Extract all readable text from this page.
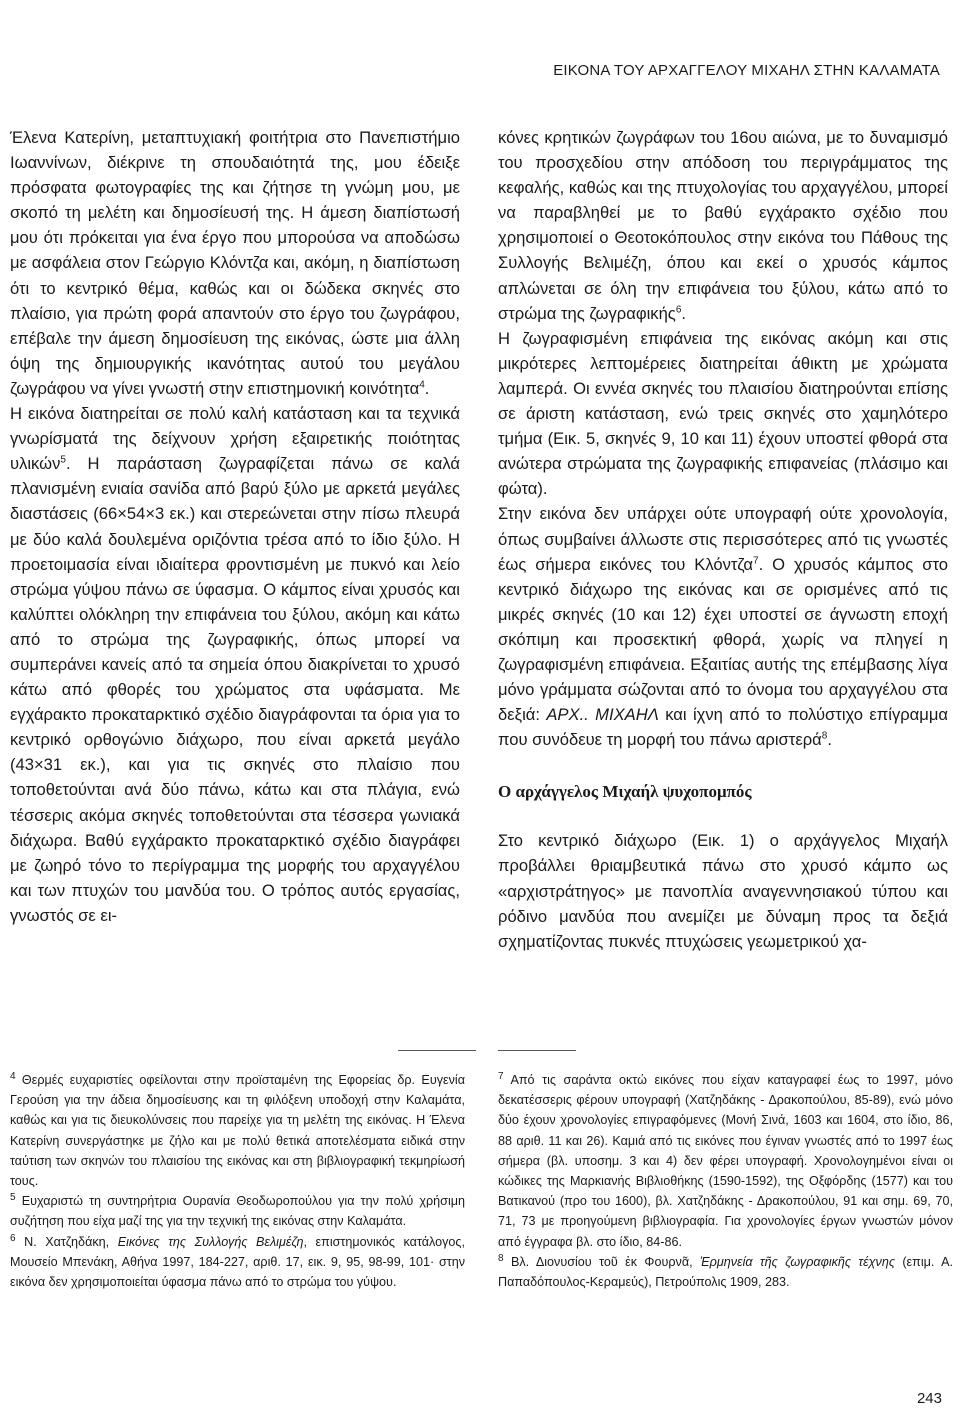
ΕΙΚΟΝΑ ΤΟΥ ΑΡΧΑΓΓΕΛΟΥ ΜΙΧΑΗΛ ΣΤΗΝ ΚΑΛΑΜΑΤΑ

Έλενα Κατερίνη, μεταπτυχιακή φοιτήτρια στο Πανεπιστήμιο Ιωαννίνων, διέκρινε τη σπουδαιότητά της, μου έδειξε πρόσφατα φωτογραφίες της και ζήτησε τη γνώμη μου, με σκοπό τη μελέτη και δημοσίευσή της. Η άμεση διαπίστωσή μου ότι πρόκειται για ένα έργο που μπορούσα να αποδώσω με ασφάλεια στον Γεώργιο Κλόντζα και, ακόμη, η διαπίστωση ότι το κεντρικό θέμα, καθώς και οι δώδεκα σκηνές στο πλαίσιο, για πρώτη φορά απαντούν στο έργο του ζωγράφου, επέβαλε την άμεση δημοσίευση της εικόνας, ώστε μια άλλη όψη της δημιουργικής ικανότητας αυτού του μεγάλου ζωγράφου να γίνει γνωστή στην επιστημονική κοινότητα$^4$.

Η εικόνα διατηρείται σε πολύ καλή κατάσταση και τα τεχνικά γνωρίσματά της δείχνουν χρήση εξαιρετικής ποιότητας υλικών$^5$. Η παράσταση ζωγραφίζεται πάνω σε καλά πλανισμένη ενιαία σανίδα από βαρύ ξύλο με αρκετά μεγάλες διαστάσεις (66×54×3 εκ.) και στερεώνεται στην πίσω πλευρά με δύο καλά δουλεμένα οριζόντια τρέσα από το ίδιο ξύλο. Η προετοιμασία είναι ιδιαίτερα φροντισμένη με πυκνό και λείο στρώμα γύψου πάνω σε ύφασμα. Ο κάμπος είναι χρυσός και καλύπτει ολόκληρη την επιφάνεια του ξύλου, ακόμη και κάτω από το στρώμα της ζωγραφικής, όπως μπορεί να συμπεράνει κανείς από τα σημεία όπου διακρίνεται το χρυσό κάτω από φθορές του χρώματος στα υφάσματα. Με εγχάρακτο προκαταρκτικό σχέδιο διαγράφονται τα όρια για το κεντρικό ορθογώνιο διάχωρο, που είναι αρκετά μεγάλο (43×31 εκ.), και για τις σκηνές στο πλαίσιο που τοποθετούνται ανά δύο πάνω, κάτω και στα πλάγια, ενώ τέσσερις ακόμα σκηνές τοποθετούνται στα τέσσερα γωνιακά διάχωρα. Βαθύ εγχάρακτο προκαταρκτικό σχέδιο διαγράφει με ζωηρό τόνο το περίγραμμα της μορφής του αρχαγγέλου και των πτυχών του μανδύα του. Ο τρόπος αυτός εργασίας, γνωστός σε ει-

κόνες κρητικών ζωγράφων του 16ου αιώνα, με το δυναμισμό του προσχεδίου στην απόδοση του περιγράμματος της κεφαλής, καθώς και της πτυχολογίας του αρχαγγέλου, μπορεί να παραβληθεί με το βαθύ εγχάρακτο σχέδιο που χρησιμοποιεί ο Θεοτοκόπουλος στην εικόνα του Πάθους της Συλλογής Βελιμέζη, όπου και εκεί ο χρυσός κάμπος απλώνεται σε όλη την επιφάνεια του ξύλου, κάτω από το στρώμα της ζωγραφικής$^6$.

Η ζωγραφισμένη επιφάνεια της εικόνας ακόμη και στις μικρότερες λεπτομέρειες διατηρείται άθικτη με χρώματα λαμπερά. Οι εννέα σκηνές του πλαισίου διατηρούνται επίσης σε άριστη κατάσταση, ενώ τρεις σκηνές στο χαμηλότερο τμήμα (Εικ. 5, σκηνές 9, 10 και 11) έχουν υποστεί φθορά στα ανώτερα στρώματα της ζωγραφικής επιφανείας (πλάσιμο και φώτα).

Στην εικόνα δεν υπάρχει ούτε υπογραφή ούτε χρονολογία, όπως συμβαίνει άλλωστε στις περισσότερες από τις γνωστές έως σήμερα εικόνες του Κλόντζα$^7$. Ο χρυσός κάμπος στο κεντρικό διάχωρο της εικόνας και σε ορισμένες από τις μικρές σκηνές (10 και 12) έχει υποστεί σε άγνωστη εποχή σκόπιμη και προσεκτική φθορά, χωρίς να πληγεί η ζωγραφισμένη επιφάνεια. Εξαιτίας αυτής της επέμβασης λίγα μόνο γράμματα σώζονται από το όνομα του αρχαγγέλου στα δεξιά: ΑΡΧ.. ΜΙΧΑΗΛ και ίχνη από το πολύστιχο επίγραμμα που συνόδευε τη μορφή του πάνω αριστερά$^8$.

Ο αρχάγγελος Μιχαήλ ψυχοπομπός

Στο κεντρικό διάχωρο (Εικ. 1) ο αρχάγγελος Μιχαήλ προβάλλει θριαμβευτικά πάνω στο χρυσό κάμπο ως «αρχιστράτηγος» με πανοπλία αναγεννησιακού τύπου και ρόδινο μανδύα που ανεμίζει με δύναμη προς τα δεξιά σχηματίζοντας πυκνές πτυχώσεις γεωμετρικού χα-

$^4$ Θερμές ευχαριστίες οφείλονται στην προϊσταμένη της Εφορείας δρ. Ευγενία Γερούση για την άδεια δημοσίευσης και τη φιλόξενη υποδοχή στην Καλαμάτα, καθώς και για τις διευκολύνσεις που παρείχε για τη μελέτη της εικόνας. Η Έλενα Κατερίνη συνεργάστηκε με ζήλο και με πολύ θετικά αποτελέσματα ειδικά στην ταύτιση των σκηνών του πλαισίου της εικόνας και στη βιβλιογραφική τεκμηρίωσή τους.

$^5$ Ευχαριστώ τη συντηρήτρια Ουρανία Θεοδωροπούλου για την πολύ χρήσιμη συζήτηση που είχα μαζί της για την τεχνική της εικόνας στην Καλαμάτα.

$^6$ Ν. Χατζηδάκη, Εικόνες της Συλλογής Βελιμέζη, επιστημονικός κατάλογος, Μουσείο Μπενάκη, Αθήνα 1997, 184-227, αριθ. 17, εικ. 9, 95, 98-99, 101· στην εικόνα δεν χρησιμοποιείται ύφασμα πάνω από το στρώμα του γύψου.

$^7$ Από τις σαράντα οκτώ εικόνες που είχαν καταγραφεί έως το 1997, μόνο δεκατέσσερις φέρουν υπογραφή (Χατζηδάκης - Δρακοπούλου, 85-89), ενώ μόνο δύο έχουν χρονολογίες επιγραφόμενες (Μονή Σινά, 1603 και 1604, στο ίδιο, 86, 88 αριθ. 11 και 26). Καμιά από τις εικόνες που έγιναν γνωστές από το 1997 έως σήμερα (βλ. υποσημ. 3 και 4) δεν φέρει υπογραφή. Χρονολογημένοι είναι οι κώδικες της Μαρκιανής Βιβλιοθήκης (1590-1592), της Οξφόρδης (1577) και του Βατικανού (προ του 1600), βλ. Χατζηδάκης - Δρακοπούλου, 91 και σημ. 69, 70, 71, 73 με προηγούμενη βιβλιογραφία. Για χρονολογίες έργων γνωστών μόνον από έγγραφα βλ. στο ίδιο, 84-86.

$^8$ Βλ. Διονυσίου τοῦ ἐκ Φουρνᾶ, Ἑρμηνεία τῆς ζωγραφικῆς τέχνης (επιμ. Α. Παπαδόπουλος-Κεραμεύς), Πετρούπολις 1909, 283.

243
